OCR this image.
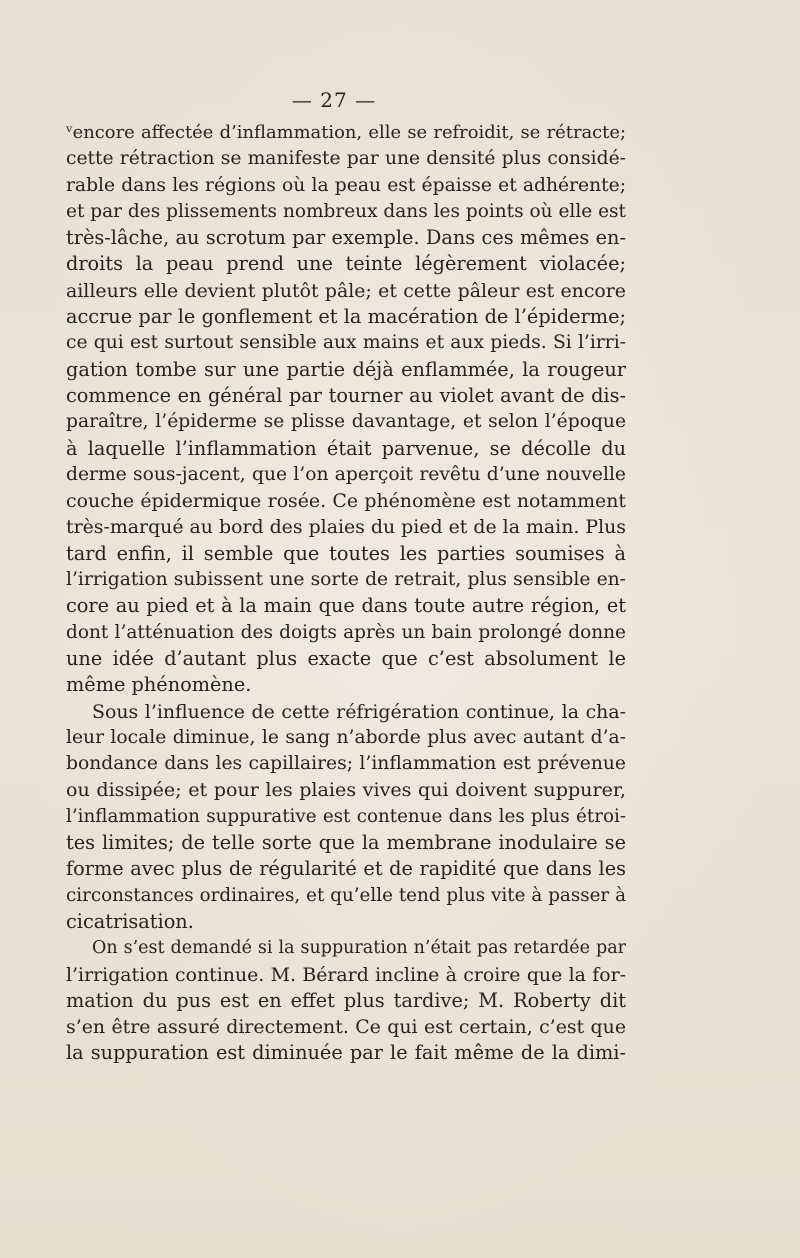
— 27 —
ᵛencore affectée d’inflammation, elle se refroidit, se rétracte;
cette rétraction se manifeste par une densité plus considé-
rable dans les régions où la peau est épaisse et adhérente;
et par des plissements nombreux dans les points où elle est
très-lâche, au scrotum par exemple. Dans ces mêmes en-
droits la peau prend une teinte légèrement violacée;
ailleurs elle devient plutôt pâle; et cette pâleur est encore
accrue par le gonflement et la macération de l’épiderme;
ce qui est surtout sensible aux mains et aux pieds. Si l’irri-
gation tombe sur une partie déjà enflammée, la rougeur
commence en général par tourner au violet avant de dis-
paraître, l’épiderme se plisse davantage, et selon l’époque
à laquelle l’inflammation était parvenue, se décolle du
derme sous-jacent, que l’on aperçoit revêtu d’une nouvelle
couche épidermique rosée. Ce phénomène est notamment
très-marqué au bord des plaies du pied et de la main. Plus
tard enfin, il semble que toutes les parties soumises à
l’irrigation subissent une sorte de retrait, plus sensible en-
core au pied et à la main que dans toute autre région, et
dont l’atténuation des doigts après un bain prolongé donne
une idée d’autant plus exacte que c’est absolument le
même phénomène.
Sous l’influence de cette réfrigération continue, la cha-
leur locale diminue, le sang n’aborde plus avec autant d’a-
bondance dans les capillaires; l’inflammation est prévenue
ou dissipée; et pour les plaies vives qui doivent suppurer,
l’inflammation suppurative est contenue dans les plus étroi-
tes limites; de telle sorte que la membrane inodulaire se
forme avec plus de régularité et de rapidité que dans les
circonstances ordinaires, et qu’elle tend plus vite à passer à
cicatrisation.
On s’est demandé si la suppuration n’était pas retardée par
l’irrigation continue. M. Bérard incline à croire que la for-
mation du pus est en effet plus tardive; M. Roberty dit
s’en être assuré directement. Ce qui est certain, c’est que
la suppuration est diminuée par le fait même de la dimi-
